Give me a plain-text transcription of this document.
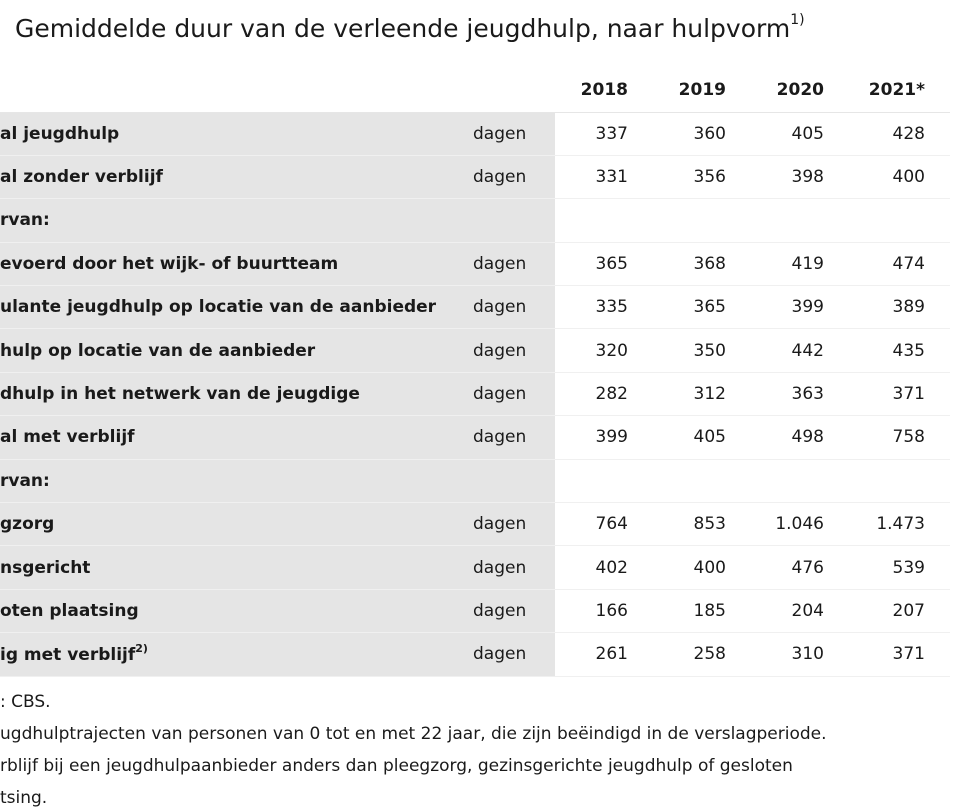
Gemiddelde duur van de verleende jeugdhulp, naar hulpvorm$^{1)}$
		2018	2019	2020	2021*
al jeugdhulp	dagen	337	360	405	428
al zonder verblijf	dagen	331	356	398	400
rvan:					
evoerd door het wijk- of buurtteam	dagen	365	368	419	474
ulante jeugdhulp op locatie van de aanbieder	dagen	335	365	399	389
hulp op locatie van de aanbieder	dagen	320	350	442	435
dhulp in het netwerk van de jeugdige	dagen	282	312	363	371
al met verblijf	dagen	399	405	498	758
rvan:					
gzorg	dagen	764	853	1.046	1.473
nsgericht	dagen	402	400	476	539
oten plaatsing	dagen	166	185	204	207
ig met verblijf$^{2)}$	dagen	261	258	310	371
: CBS.
ugdhulptrajecten van personen van 0 tot en met 22 jaar, die zijn beëindigd in de verslagperiode.
rblijf bij een jeugdhulpaanbieder anders dan pleegzorg, gezinsgerichte jeugdhulp of gesloten
tsing.
